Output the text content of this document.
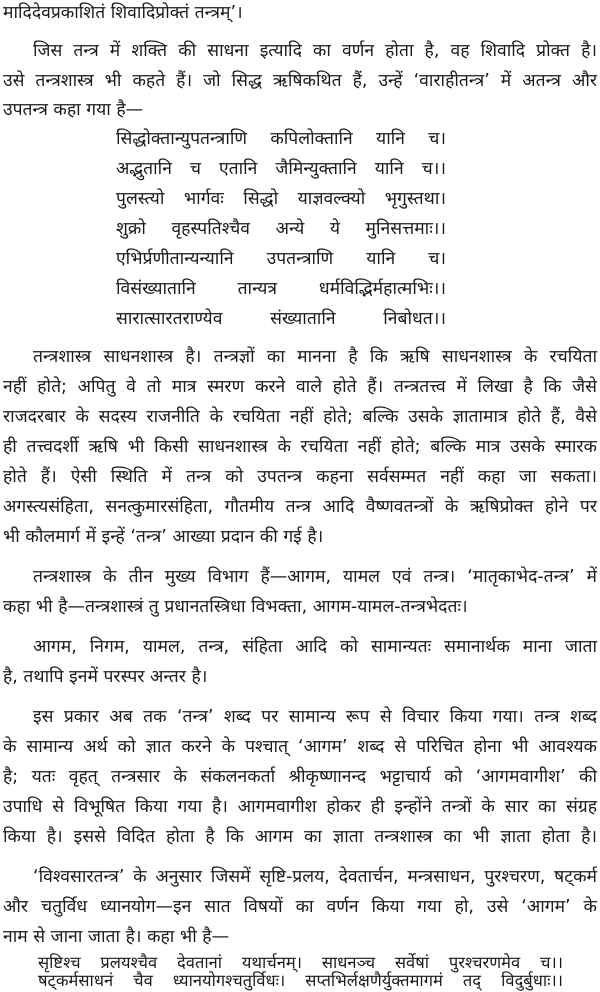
मादिदेवप्रकाशितं शिवादिप्रोक्तं तन्त्रम्’।
जिस तन्त्र में शक्ति की साधना इत्यादि का वर्णन होता है, वह शिवादि प्रोक्त है।
उसे तन्त्रशास्त्र भी कहते हैं। जो सिद्ध ऋषिकथित हैं, उन्हें ‘वाराहीतन्त्र’ में अतन्त्र और
उपतन्त्र कहा गया है—
सिद्धोक्तान्युपतन्त्राणि कपिलोक्तानि यानि च।
अद्भुतानि च एतानि जैमिन्युक्तानि यानि च।।
पुलस्त्यो भार्गवः सिद्धो याज्ञवल्क्यो भृगुस्तथा।
शुक्रो वृहस्पतिश्चैव अन्ये ये मुनिसत्तमाः।।
एभिर्प्रणीतान्यन्यानि उपतन्त्राणि यानि च।
विसंख्यातानि तान्यत्र धर्मविद्भिर्महात्मभिः।।
सारात्सारतराण्येव संख्यातानि निबोधत।।
तन्त्रशास्त्र साधनशास्त्र है। तन्त्रज्ञों का मानना है कि ऋषि साधनशास्त्र के रचयिता
नहीं होते; अपितु वे तो मात्र स्मरण करने वाले होते हैं। तन्त्रतत्त्व में लिखा है कि जैसे
राजदरबार के सदस्य राजनीति के रचयिता नहीं होते; बल्कि उसके ज्ञातामात्र होते हैं, वैसे
ही तत्त्वदर्शी ऋषि भी किसी साधनशास्त्र के रचयिता नहीं होते; बल्कि मात्र उसके स्मारक
होते हैं। ऐसी स्थिति में तन्त्र को उपतन्त्र कहना सर्वसम्मत नहीं कहा जा सकता।
अगस्त्यसंहिता, सनत्कुमारसंहिता, गौतमीय तन्त्र आदि वैष्णवतन्त्रों के ऋषिप्रोक्त होने पर
भी कौलमार्ग में इन्हें ‘तन्त्र’ आख्या प्रदान की गई है।
तन्त्रशास्त्र के तीन मुख्य विभाग हैं—आगम, यामल एवं तन्त्र। ‘मातृकाभेद-तन्त्र’ में
कहा भी है—तन्त्रशास्त्रं तु प्रधानतस्त्रिधा विभक्ता, आगम-यामल-तन्त्रभेदतः।
आगम, निगम, यामल, तन्त्र, संहिता आदि को सामान्यतः समानार्थक माना जाता
है, तथापि इनमें परस्पर अन्तर है।
इस प्रकार अब तक ‘तन्त्र’ शब्द पर सामान्य रूप से विचार किया गया। तन्त्र शब्द
के सामान्य अर्थ को ज्ञात करने के पश्चात् ‘आगम’ शब्द से परिचित होना भी आवश्यक
है; यतः वृहत् तन्त्रसार के संकलनकर्ता श्रीकृष्णानन्द भट्टाचार्य को ‘आगमवागीश’ की
उपाधि से विभूषित किया गया है। आगमवागीश होकर ही इन्होंने तन्त्रों के सार का संग्रह
किया है। इससे विदित होता है कि आगम का ज्ञाता तन्त्रशास्त्र का भी ज्ञाता होता है।
‘विश्वसारतन्त्र’ के अनुसार जिसमें सृष्टि-प्रलय, देवतार्चन, मन्त्रसाधन, पुरश्चरण, षट्कर्म
और चतुर्विध ध्यानयोग—इन सात विषयों का वर्णन किया गया हो, उसे ‘आगम’ के
नाम से जाना जाता है। कहा भी है—
सृष्टिश्च प्रलयश्चैव देवतानां यथार्चनम्। साधनञ्च सर्वेषां पुरश्चरणमेव च।।
षट्कर्मसाधनं चैव ध्यानयोगश्चतुर्विधः। सप्तभिर्लक्षणैर्युक्तमागमं तद् विदुर्बुधाः।।
